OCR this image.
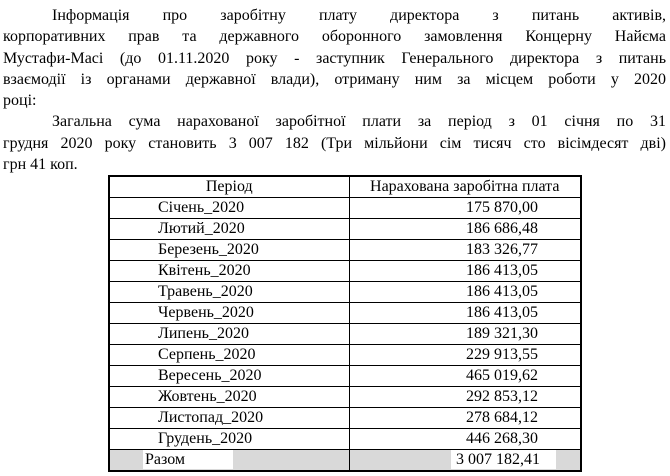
Інформація про заробітну плату директора з питань активів,
корпоративних прав та державного оборонного замовлення Концерну Найєма
Мустафи-Масі (до 01.11.2020 року - заступник Генерального директора з питань
взаємодії із органами державної влади), отриману ним за місцем роботи у 2020
році:
Загальна сума нарахованої заробітної плати за період з 01 січня по 31
грудня 2020 року становить 3 007 182 (Три мільйони сім тисяч сто вісімдесят дві)
грн 41 коп.
Період	Нарахована заробітна плата
Січень_2020	175 870,00
Лютий_2020	186 686,48
Березень_2020	183 326,77
Квітень_2020	186 413,05
Травень_2020	186 413,05
Червень_2020	186 413,05
Липень_2020	189 321,30
Серпень_2020	229 913,55
Вересень_2020	465 019,62
Жовтень_2020	292 853,12
Листопад_2020	278 684,12
Грудень_2020	446 268,30
Разом	3 007 182,41
